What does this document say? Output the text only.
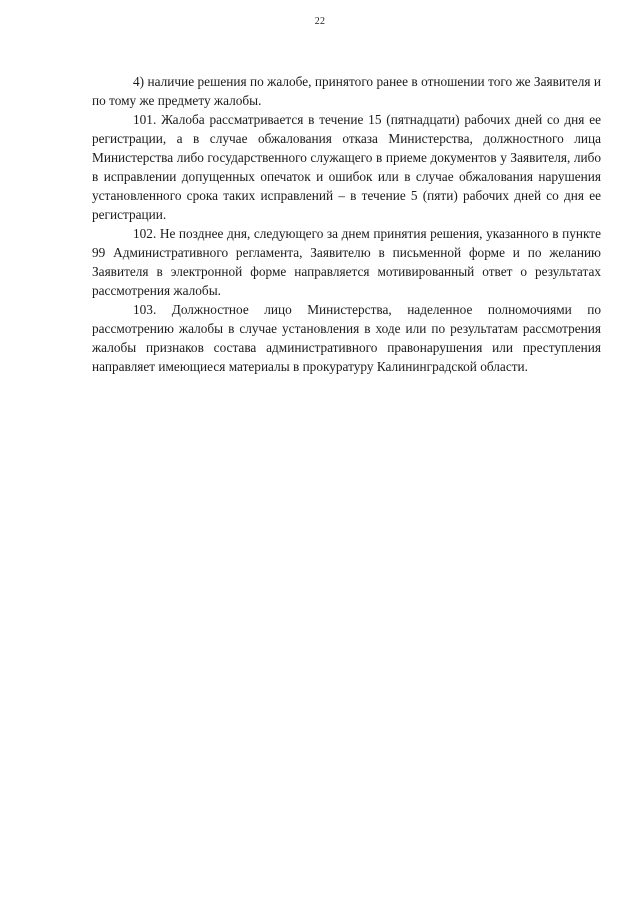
22

4) наличие решения по жалобе, принятого ранее в отношении того же Заявителя и по тому же предмету жалобы.

101. Жалоба рассматривается в течение 15 (пятнадцати) рабочих дней со дня ее регистрации, а в случае обжалования отказа Министерства, должностного лица Министерства либо государственного служащего в приеме документов у Заявителя, либо в исправлении допущенных опечаток и ошибок или в случае обжалования нарушения установленного срока таких исправлений – в течение 5 (пяти) рабочих дней со дня ее регистрации.

102. Не позднее дня, следующего за днем принятия решения, указанного в пункте 99 Административного регламента, Заявителю в письменной форме и по желанию Заявителя в электронной форме направляется мотивированный ответ о результатах рассмотрения жалобы.

103. Должностное лицо Министерства, наделенное полномочиями по рассмотрению жалобы в случае установления в ходе или по результатам рассмотрения жалобы признаков состава административного правонарушения или преступления направляет имеющиеся материалы в прокуратуру Калининградской области.
